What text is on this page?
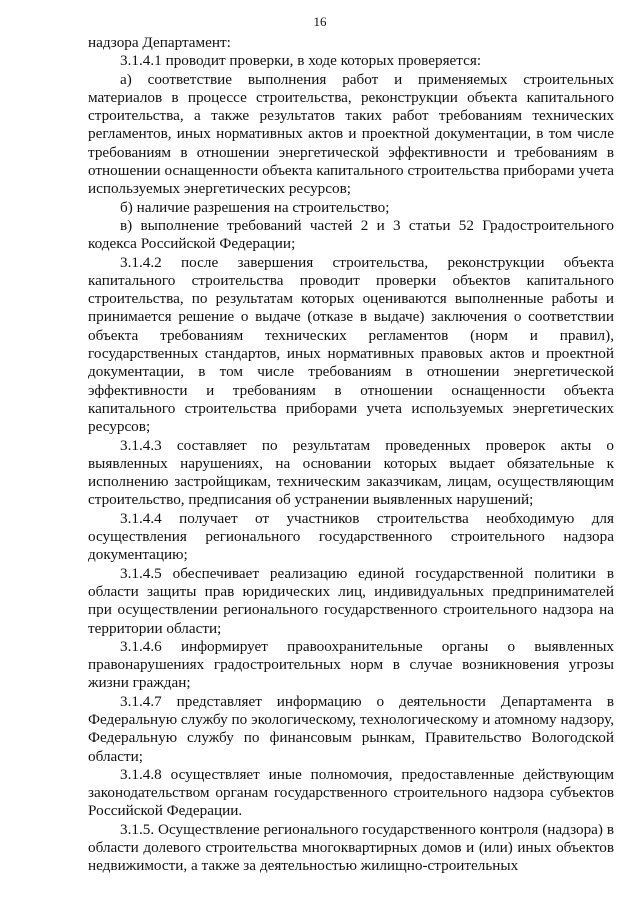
16

надзора Департамент:

3.1.4.1 проводит проверки, в ходе которых проверяется:

а) соответствие выполнения работ и применяемых строительных материалов в процессе строительства, реконструкции объекта капитального строительства, а также результатов таких работ требованиям технических регламентов, иных нормативных актов и проектной документации, в том числе требованиям в отношении энергетической эффективности и требованиям в отношении оснащенности объекта капитального строительства приборами учета используемых энергетических ресурсов;

б) наличие разрешения на строительство;

в) выполнение требований частей 2 и 3 статьи 52 Градостроительного кодекса Российской Федерации;

3.1.4.2 после завершения строительства, реконструкции объекта капитального строительства проводит проверки объектов капитального строительства, по результатам которых оцениваются выполненные работы и принимается решение о выдаче (отказе в выдаче) заключения о соответствии объекта требованиям технических регламентов (норм и правил), государственных стандартов, иных нормативных правовых актов и проектной документации, в том числе требованиям в отношении энергетической эффективности и требованиям в отношении оснащенности объекта капитального строительства приборами учета используемых энергетических ресурсов;

3.1.4.3 составляет по результатам проведенных проверок акты о выявленных нарушениях, на основании которых выдает обязательные к исполнению застройщикам, техническим заказчикам, лицам, осуществляющим строительство, предписания об устранении выявленных нарушений;

3.1.4.4 получает от участников строительства необходимую для осуществления регионального государственного строительного надзора документацию;

3.1.4.5 обеспечивает реализацию единой государственной политики в области защиты прав юридических лиц, индивидуальных предпринимателей при осуществлении регионального государственного строительного надзора на территории области;

3.1.4.6 информирует правоохранительные органы о выявленных правонарушениях градостроительных норм в случае возникновения угрозы жизни граждан;

3.1.4.7 представляет информацию о деятельности Департамента в Федеральную службу по экологическому, технологическому и атомному надзору, Федеральную службу по финансовым рынкам, Правительство Вологодской области;

3.1.4.8 осуществляет иные полномочия, предоставленные действующим законодательством органам государственного строительного надзора субъектов Российской Федерации.

3.1.5. Осуществление регионального государственного контроля (надзора) в области долевого строительства многоквартирных домов и (или) иных объектов недвижимости, а также за деятельностью жилищно-строительных
